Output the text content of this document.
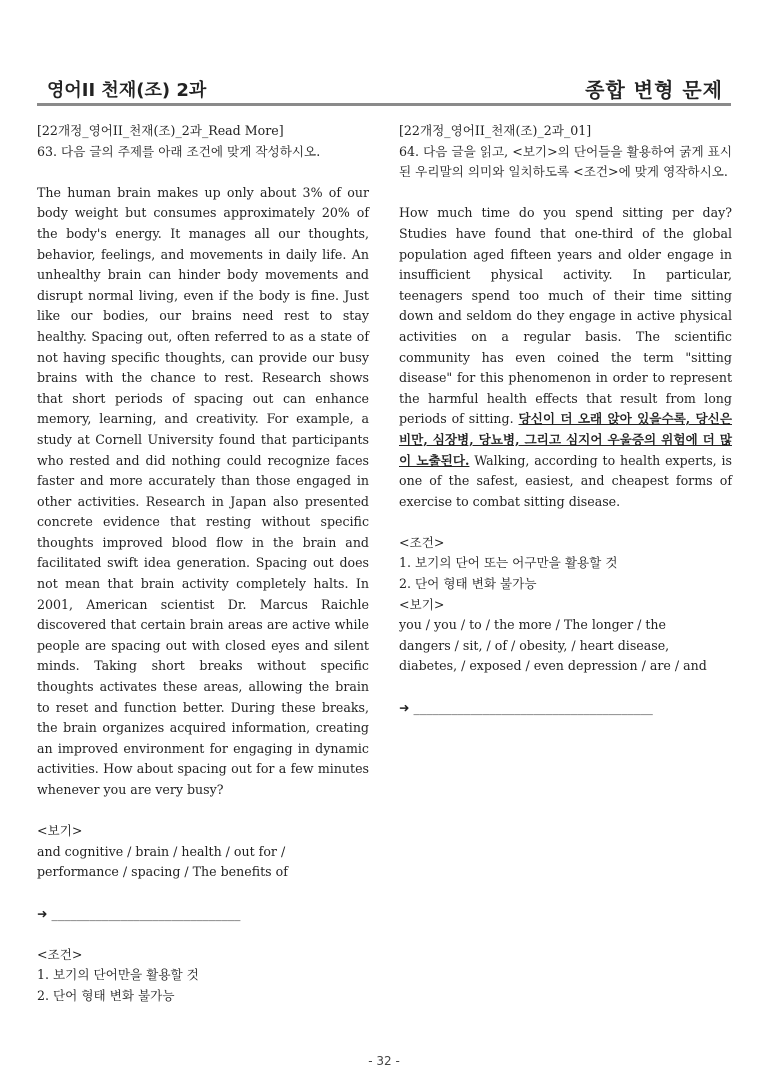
영어II 천재(조) 2과	종합 변형 문제

[22개정_영어II_천재(조)_2과_Read More]

63. 다음 글의 주제를 아래 조건에 맞게 작성하시오.

The human brain makes up only about 3% of our body weight but consumes approximately 20% of the body's energy. It manages all our thoughts, behavior, feelings, and movements in daily life. An unhealthy brain can hinder body movements and disrupt normal living, even if the body is fine. Just like our bodies, our brains need rest to stay healthy. Spacing out, often referred to as a state of not having specific thoughts, can provide our busy brains with the chance to rest. Research shows that short periods of spacing out can enhance memory, learning, and creativity. For example, a study at Cornell University found that participants who rested and did nothing could recognize faces faster and more accurately than those engaged in other activities. Research in Japan also presented concrete evidence that resting without specific thoughts improved blood flow in the brain and facilitated swift idea generation. Spacing out does not mean that brain activity completely halts. In 2001, American scientist Dr. Marcus Raichle discovered that certain brain areas are active while people are spacing out with closed eyes and silent minds. Taking short breaks without specific thoughts activates these areas, allowing the brain to reset and function better. During these breaks, the brain organizes acquired information, creating an improved environment for engaging in dynamic activities. How about spacing out for a few minutes whenever you are very busy?

<보기>

and cognitive / brain / health / out for /

performance / spacing / The benefits of

➜ ______________________________

<조건>

1. 보기의 단어만을 활용할 것

2. 단어 형태 변화 불가능

[22개정_영어II_천재(조)_2과_01]

64. 다음 글을 읽고, <보기>의 단어들을 활용하여 굵게 표시된 우리말의 의미와 일치하도록 <조건>에 맞게 영작하시오.

How much time do you spend sitting per day? Studies have found that one-third of the global population aged fifteen years and older engage in insufficient physical activity. In particular, teenagers spend too much of their time sitting down and seldom do they engage in active physical activities on a regular basis. The scientific community has even coined the term "sitting disease" for this phenomenon in order to represent the harmful health effects that result from long periods of sitting. 당신이 더 오래 앉아 있을수록, 당신은 비만, 심장병, 당뇨병, 그리고 심지어 우울증의 위험에 더 많이 노출된다. Walking, according to health experts, is one of the safest, easiest, and cheapest forms of exercise to combat sitting disease.

<조건>

1. 보기의 단어 또는 어구만을 활용할 것

2. 단어 형태 변화 불가능

<보기>

you / you / to / the more / The longer / the

dangers / sit, / of / obesity, / heart disease,

diabetes, / exposed / even depression / are / and

➜ ______________________________________

- 32 -
